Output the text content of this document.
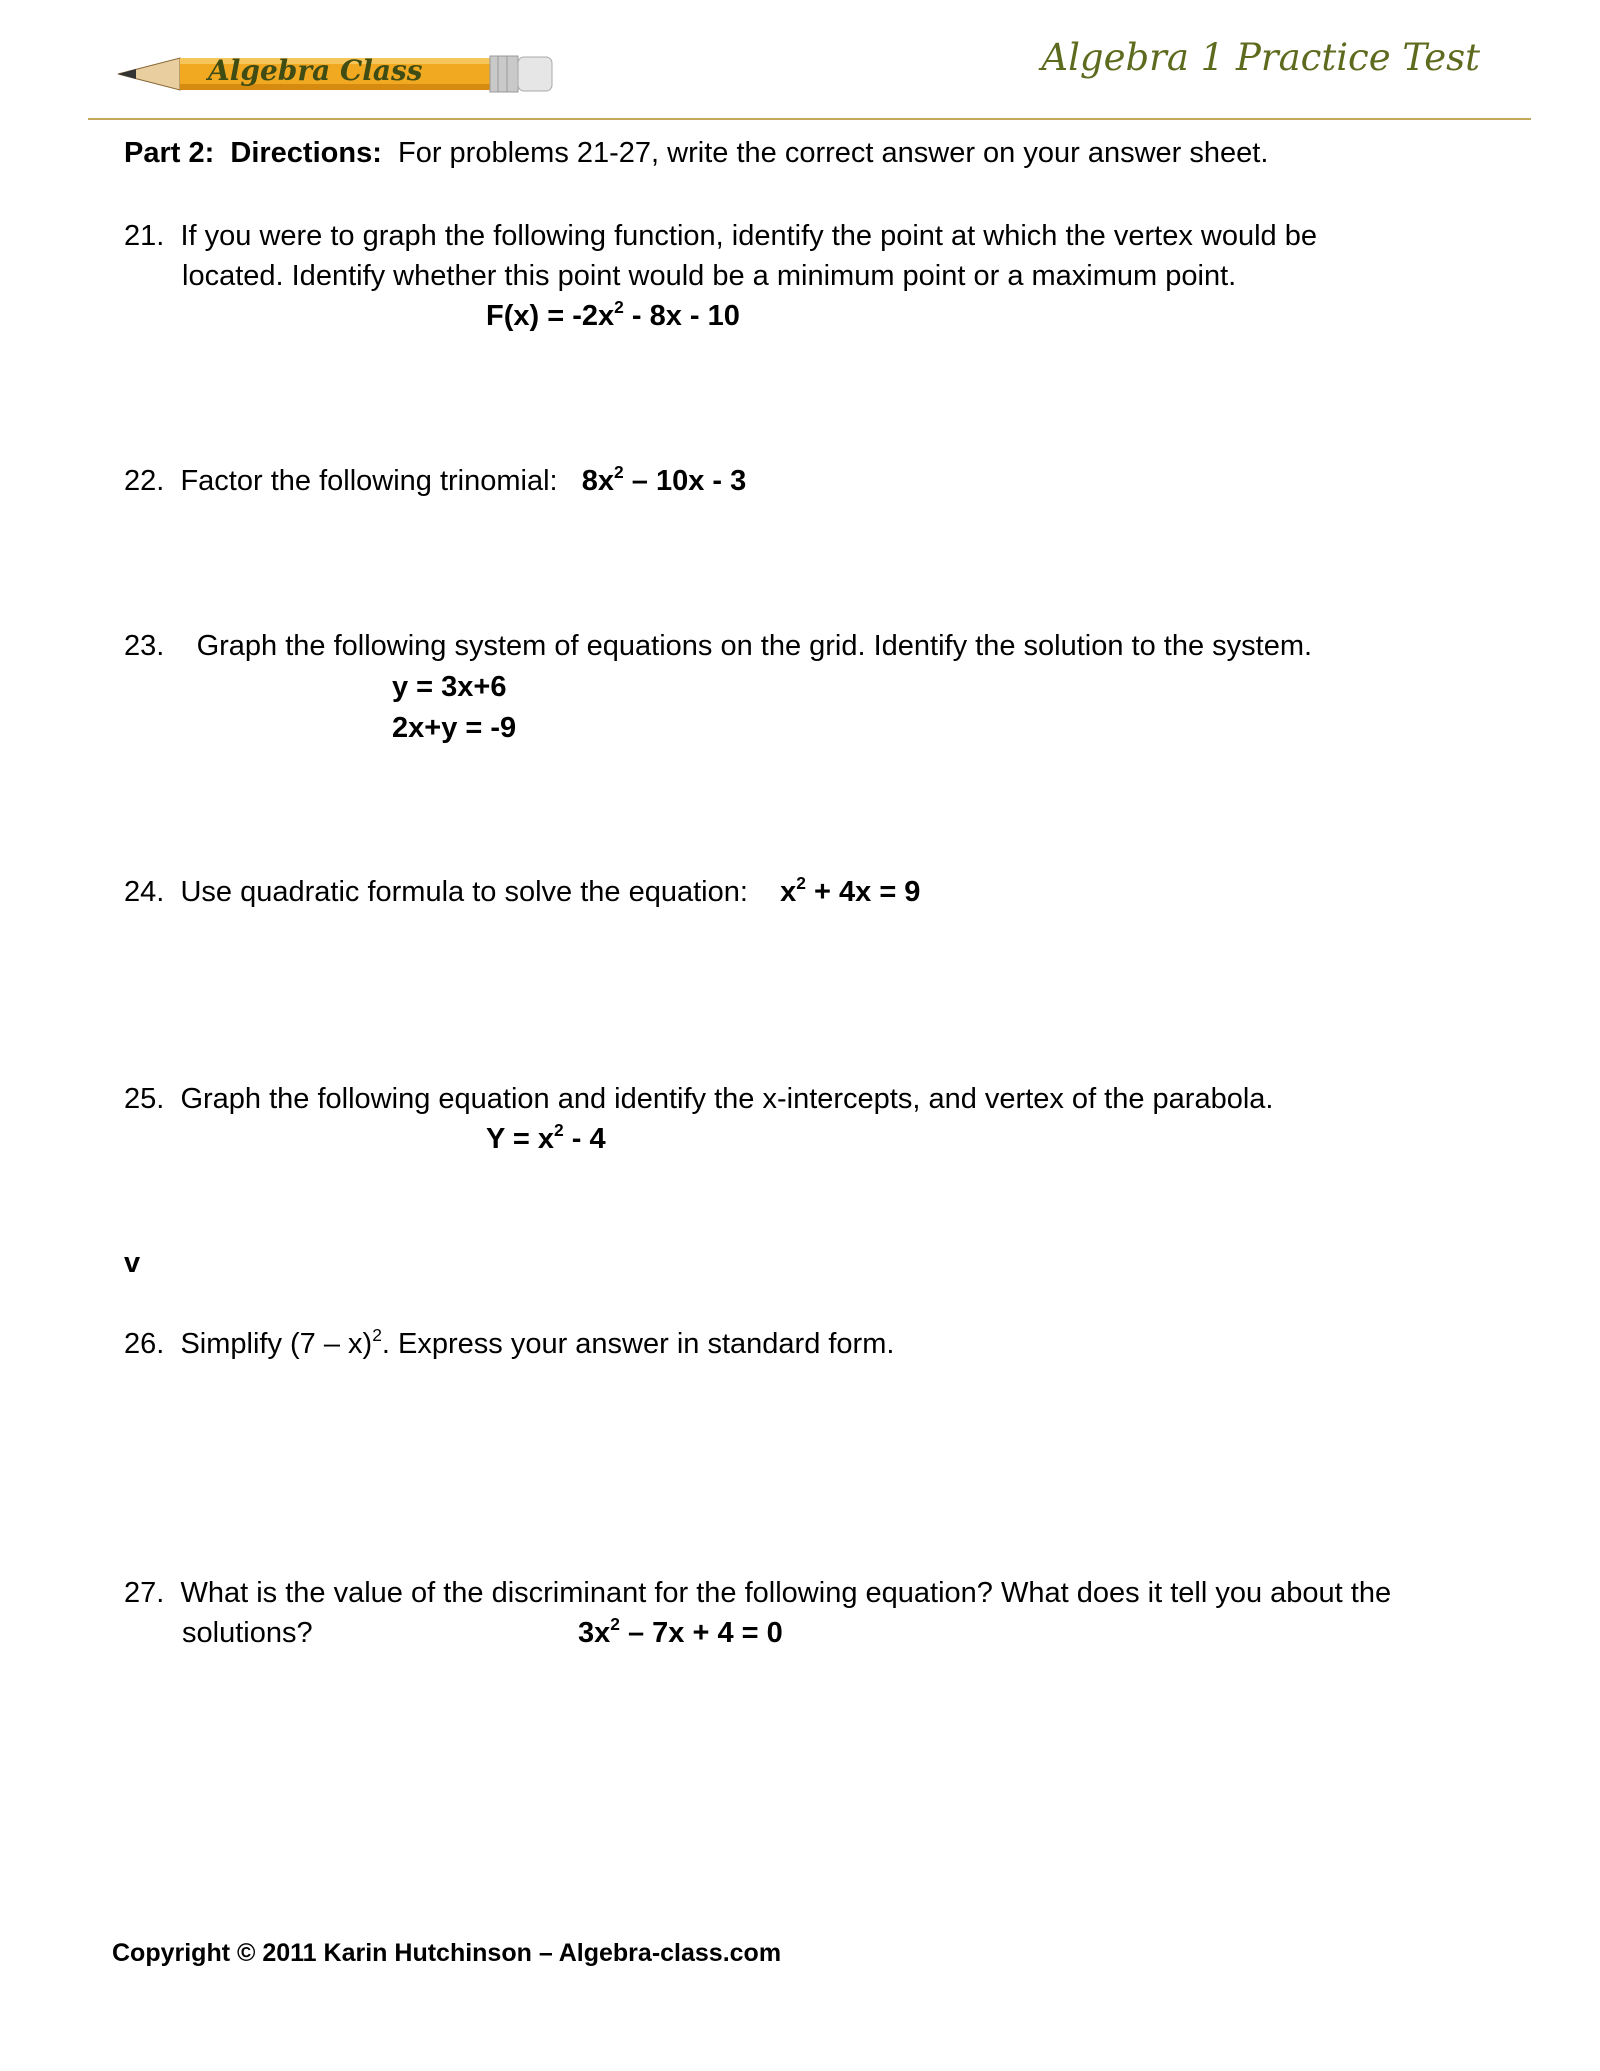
Algebra Class	Algebra 1 Practice Test
Part 2: Directions: For problems 21-27, write the correct answer on your answer sheet.
21. If you were to graph the following function, identify the point at which the vertex would be
located. Identify whether this point would be a minimum point or a maximum point.
$F(x) = -2x^2 - 8x - 10$
22. Factor the following trinomial: $8x^2 - 10x - 3$
23. Graph the following system of equations on the grid. Identify the solution to the system.
y = 3x+6
2x+y = -9
24. Use quadratic formula to solve the equation: $x^2 + 4x = 9$
25. Graph the following equation and identify the x-intercepts, and vertex of the parabola.
$Y = x^2 - 4$
v
26. Simplify (7 – x)$^2$. Express your answer in standard form.
27. What is the value of the discriminant for the following equation? What does it tell you about the
solutions?	$3x^2 - 7x + 4 = 0$
Copyright © 2011 Karin Hutchinson – Algebra-class.com
